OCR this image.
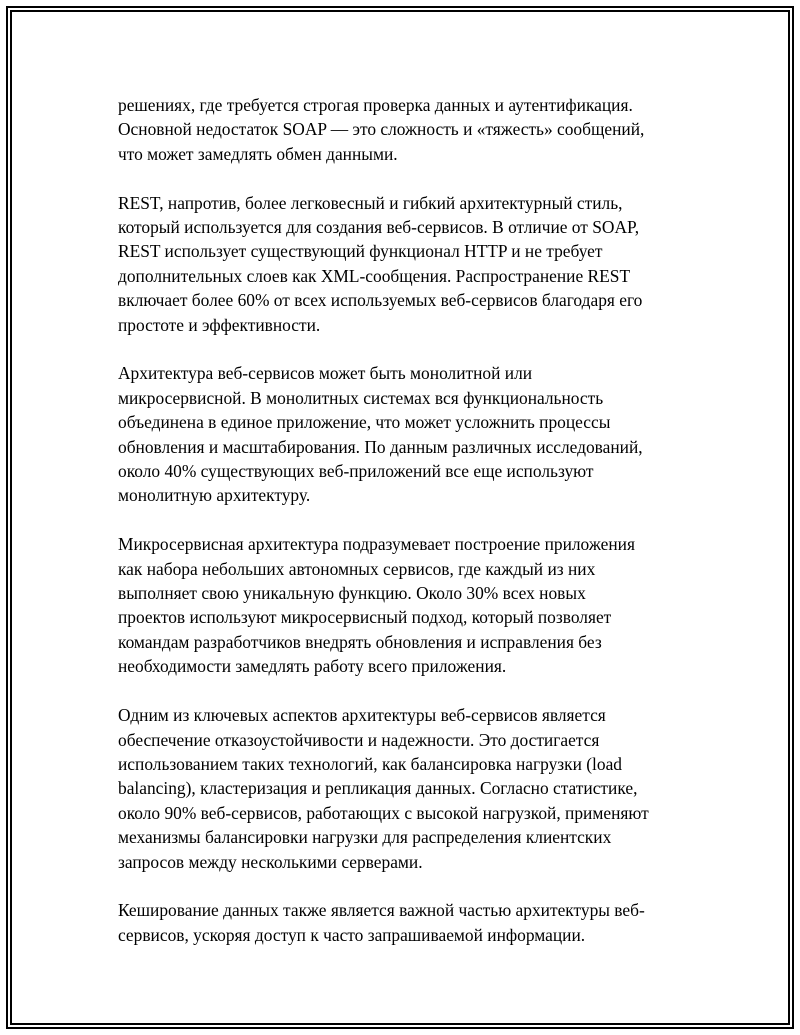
решениях, где требуется строгая проверка данных и аутентификация.
Основной недостаток SOAP — это сложность и «тяжесть» сообщений,
что может замедлять обмен данными.

REST, напротив, более легковесный и гибкий архитектурный стиль,
который используется для создания веб-сервисов. В отличие от SOAP,
REST использует существующий функционал HTTP и не требует
дополнительных слоев как XML-сообщения. Распространение REST
включает более 60% от всех используемых веб-сервисов благодаря его
простоте и эффективности.

Архитектура веб-сервисов может быть монолитной или
микросервисной. В монолитных системах вся функциональность
объединена в единое приложение, что может усложнить процессы
обновления и масштабирования. По данным различных исследований,
около 40% существующих веб-приложений все еще используют
монолитную архитектуру.

Микросервисная архитектура подразумевает построение приложения
как набора небольших автономных сервисов, где каждый из них
выполняет свою уникальную функцию. Около 30% всех новых
проектов используют микросервисный подход, который позволяет
командам разработчиков внедрять обновления и исправления без
необходимости замедлять работу всего приложения.

Одним из ключевых аспектов архитектуры веб-сервисов является
обеспечение отказоустойчивости и надежности. Это достигается
использованием таких технологий, как балансировка нагрузки (load
balancing), кластеризация и репликация данных. Согласно статистике,
около 90% веб-сервисов, работающих с высокой нагрузкой, применяют
механизмы балансировки нагрузки для распределения клиентских
запросов между несколькими серверами.

Кеширование данных также является важной частью архитектуры веб-
сервисов, ускоряя доступ к часто запрашиваемой информации.
